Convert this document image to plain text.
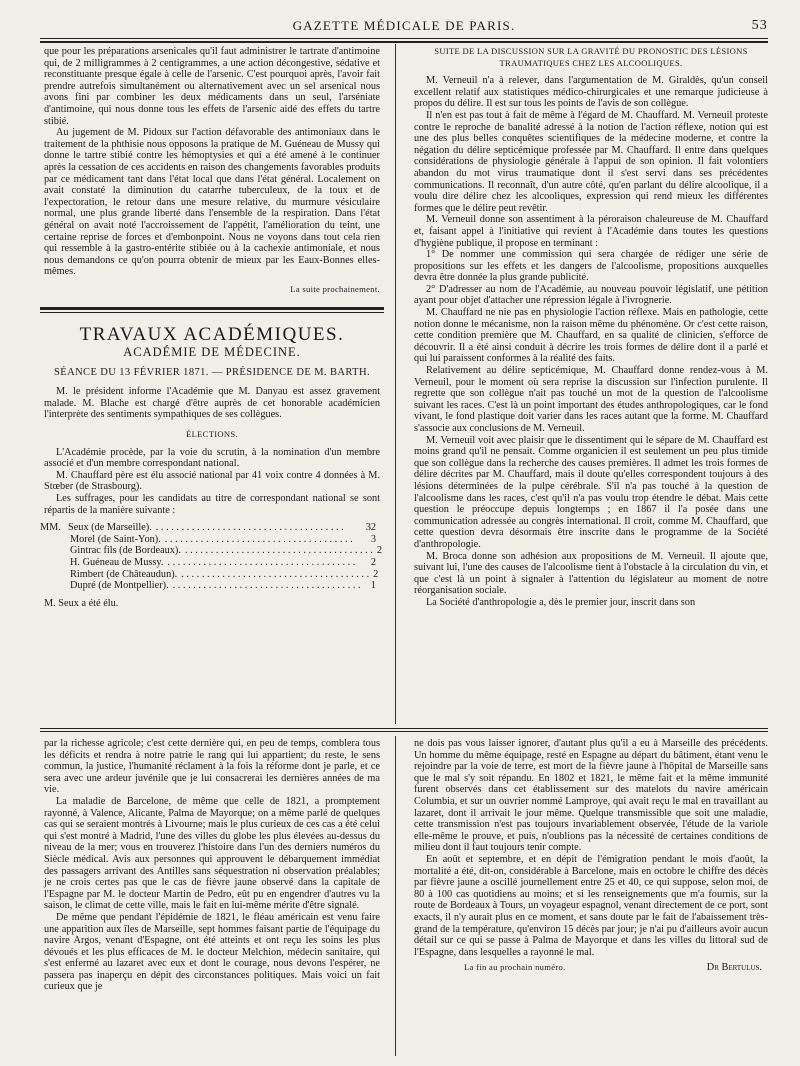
GAZETTE MÉDICALE DE PARIS.	53

que pour les préparations arsenicales qu'il faut administrer le tartrate d'antimoine qui, de 2 milligrammes à 2 centigrammes, a une action décongestive, sédative et reconstituante presque égale à celle de l'arsenic. C'est pourquoi après, l'avoir fait prendre autrefois simultanément ou alternativement avec un sel arsenical nous avons fini par combiner les deux médicaments dans un seul, l'arséniate d'antimoine, qui nous donne tous les effets de l'arsenic aidé des effets du tartre stibié.

Au jugement de M. Pidoux sur l'action défavorable des antimoniaux dans le traitement de la phthisie nous opposons la pratique de M. Guéneau de Mussy qui donne le tartre stibié contre les hémoptysies et qui a été amené à le continuer après la cessation de ces accidents en raison des changements favorables produits par ce médicament tant dans l'état local que dans l'état général. Localement on avait constaté la diminution du catarrhe tuberculeux, de la toux et de l'expectoration, le retour dans une mesure relative, du murmure vésiculaire normal, une plus grande liberté dans l'ensemble de la respiration. Dans l'état général on avait noté l'accroissement de l'appétit, l'amélioration du teint, une certaine reprise de forces et d'embonpoint. Nous ne voyons dans tout cela rien qui ressemble à la gastro-entérite stibiée ou à la cachexie antimoniale, et nous nous demandons ce qu'on pourra obtenir de mieux par les Eaux-Bonnes elles-mêmes.

La suite prochainement.

TRAVAUX ACADÉMIQUES.
ACADÉMIE DE MÉDECINE.
SÉANCE DU 13 FÉVRIER 1871. — PRÉSIDENCE DE M. BARTH.

M. le président informe l'Académie que M. Danyau est assez gravement malade. M. Blache est chargé d'être auprès de cet honorable académicien l'interprète des sentiments sympathiques de ses collègues.

ÉLECTIONS.

L'Académie procède, par la voie du scrutin, à la nomination d'un membre associé et d'un membre correspondant national.

M. Chauffard père est élu associé national par 41 voix contre 4 données à M. Stœber (de Strasbourg).

Les suffrages, pour les candidats au titre de correspondant national se sont répartis de la manière suivante :

MM. Seux (de Marseille). . . .	32
Morel (de Saint-Yon). . . .	3
Gintrac fils (de Bordeaux). . . .	2
H. Guéneau de Mussy. . . .	2
Rimbert (de Châteaudun). . . .	2
Dupré (de Montpellier). . . .	1

M. Seux a été élu.

SUITE DE LA DISCUSSION SUR LA GRAVITÉ DU PRONOSTIC DES LÉSIONS TRAUMATIQUES CHEZ LES ALCOOLIQUES.

M. Verneuil n'a à relever, dans l'argumentation de M. Giraldès, qu'un conseil excellent relatif aux statistiques médico-chirurgicales et une remarque judicieuse à propos du délire. Il est sur tous les points de l'avis de son collègue.

Il n'en est pas tout à fait de même à l'égard de M. Chauffard. M. Verneuil proteste contre le reproche de banalité adressé à la notion de l'action réflexe, notion qui est une des plus belles conquêtes scientifiques de la médecine moderne, et contre la négation du délire septicémique professée par M. Chauffard. Il entre dans quelques considérations de physiologie générale à l'appui de son opinion. Il fait volontiers abandon du mot virus traumatique dont il s'est servi dans ses précédentes communications. Il reconnaît, d'un autre côté, qu'en parlant du délire alcoolique, il a voulu dire délire chez les alcooliques, expression qui rend mieux les différentes formes que le délire peut revêtir.

M. Verneuil donne son assentiment à la péroraison chaleureuse de M. Chauffard et, faisant appel à l'initiative qui revient à l'Académie dans toutes les questions d'hygiène publique, il propose en terminant :

1° De nommer une commission qui sera chargée de rédiger une série de propositions sur les effets et les dangers de l'alcoolisme, propositions auxquelles devra être donnée la plus grande publicité.

2° D'adresser au nom de l'Académie, au nouveau pouvoir législatif, une pétition ayant pour objet d'attacher une répression légale à l'ivrognerie.

M. Chauffard ne nie pas en physiologie l'action réflexe. Mais en pathologie, cette notion donne le mécanisme, non la raison même du phénomène. Or c'est cette raison, cette condition première que M. Chauffard, en sa qualité de clinicien, s'efforce de découvrir. Il a été ainsi conduit à décrire les trois formes de délire dont il a parlé et qui lui paraissent conformes à la réalité des faits.

Relativement au délire septicémique, M. Chauffard donne rendez-vous à M. Verneuil, pour le moment où sera reprise la discussion sur l'infection purulente. Il regrette que son collègue n'ait pas touché un mot de la question de l'alcoolisme suivant les races. C'est là un point important des études anthropologiques, car le fond vivant, le fond plastique doit varier dans les races autant que la forme. M. Chauffard s'associe aux conclusions de M. Verneuil.

M. Verneuil voit avec plaisir que le dissentiment qui le sépare de M. Chauffard est moins grand qu'il ne pensait. Comme organicien il est seulement un peu plus timide que son collègue dans la recherche des causes premières. Il admet les trois formes de délire décrites par M. Chauffard, mais il doute qu'elles correspondent toujours à des lésions déterminées de la pulpe cérébrale. S'il n'a pas touché à la question de l'alcoolisme dans les races, c'est qu'il n'a pas voulu trop étendre le débat. Mais cette question le préoccupe depuis longtemps ; en 1867 il l'a posée dans une communication adressée au congrès international. Il croit, comme M. Chauffard, que cette question devra désormais être inscrite dans le programme de la Société d'anthropologie.

M. Broca donne son adhésion aux propositions de M. Verneuil. Il ajoute que, suivant lui, l'une des causes de l'alcoolisme tient à l'obstacle à la circulation du vin, et que c'est là un point à signaler à l'attention du législateur au moment de notre réorganisation sociale.

La Société d'anthropologie a, dès le premier jour, inscrit dans son

par la richesse agricole; c'est cette dernière qui, en peu de temps, comblera tous les déficits et rendra à notre patrie le rang qui lui appartient; du reste, le sens commun, la justice, l'humanité réclament à la fois la réforme dont je parle, et ce sera avec une ardeur juvénile que je lui consacrerai les dernières années de ma vie.

La maladie de Barcelone, de même que celle de 1821, a promptement rayonné, à Valence, Alicante, Palma de Mayorque; on a même parlé de quelques cas qui se seraient montrés à Livourne; mais le plus curieux de ces cas a été celui qui s'est montré à Madrid, l'une des villes du globe les plus élevées au-dessus du niveau de la mer; vous en trouverez l'histoire dans l'un des derniers numéros du Siècle médical. Avis aux personnes qui approuvent le débarquement immédiat des passagers arrivant des Antilles sans séquestration ni observation préalables; je ne crois certes pas que le cas de fièvre jaune observé dans la capitale de l'Espagne par M. le docteur Martin de Pedro, eût pu en engendrer d'autres vu la saison, le climat de cette ville, mais le fait en lui-même mérite d'être signalé.

De même que pendant l'épidémie de 1821, le fléau américain est venu faire une apparition aux îles de Marseille, sept hommes faisant partie de l'équipage du navire Argos, venant d'Espagne, ont été atteints et ont reçu les soins les plus dévoués et les plus efficaces de M. le docteur Melchion, médecin sanitaire, qui s'est enfermé au lazaret avec eux et dont le courage, nous devons l'espérer, ne passera pas inaperçu en dépit des circonstances politiques. Mais voici un fait curieux que je

ne dois pas vous laisser ignorer, d'autant plus qu'il a eu à Marseille des précédents. Un homme du même équipage, resté en Espagne au départ du bâtiment, étant venu le rejoindre par la voie de terre, est mort de la fièvre jaune à l'hôpital de Marseille sans que le mal s'y soit répandu. En 1802 et 1821, le même fait et la même immunité furent observés dans cet établissement sur des matelots du navire américain Columbia, et sur un ouvrier nommé Lamproye, qui avait reçu le mal en travaillant au lazaret, dont il arrivait le jour même. Quelque transmissible que soit une maladie, cette transmission n'est pas toujours invariablement observée, l'étude de la variole elle-même le prouve, et puis, n'oublions pas la nécessité de certaines conditions de milieu dont il faut toujours tenir compte.

En août et septembre, et en dépit de l'émigration pendant le mois d'août, la mortalité a été, dit-on, considérable à Barcelone, mais en octobre le chiffre des décès par fièvre jaune a oscillé journellement entre 25 et 40, ce qui suppose, selon moi, de 80 à 100 cas quotidiens au moins; et si les renseignements que m'a fournis, sur la route de Bordeaux à Tours, un voyageur espagnol, venant directement de ce port, sont exacts, il n'y aurait plus en ce moment, et sans doute par le fait de l'abaissement très-grand de la température, qu'environ 15 décès par jour; je n'ai pu d'ailleurs avoir aucun détail sur ce qui se passe à Palma de Mayorque et dans les villes du littoral sud de l'Espagne, dans lesquelles a rayonné le mal.

La fin au prochain numéro.	Dr Bertulus.
